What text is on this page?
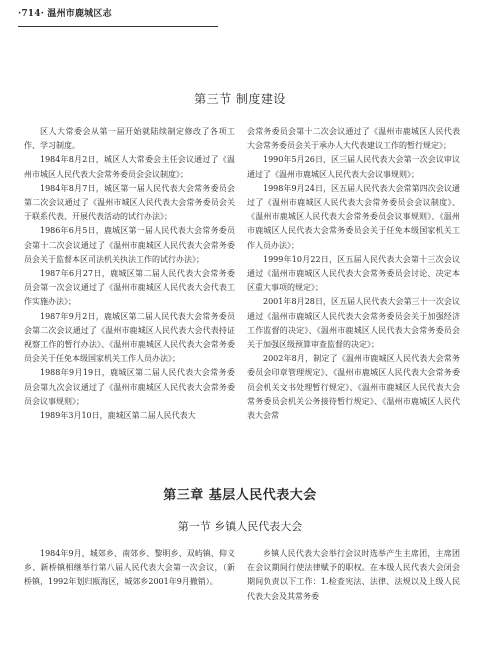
·714· 温州市鹿城区志
第三节 制度建设

区人大常委会从第一届开始就陆续制定修改了各项工作、学习制度。

1984年8月2日，城区人大常委会主任会议通过了《温州市城区人民代表大会常务委员会会议制度》；

1984年8月7日，城区第一届人民代表大会常务委员会第二次会议通过了《温州市城区人民代表大会常务委员会关于联系代表、开展代表活动的试行办法》；

1986年6月5日，鹿城区第一届人民代表大会常务委员会第十二次会议通过了《温州市鹿城区人民代表大会常务委员会关于监督本区司法机关执法工作的试行办法》；

1987年6月27日，鹿城区第二届人民代表大会常务委员会第一次会议通过了《温州市鹿城区人民代表大会代表工作实施办法》；

1987年9月2日，鹿城区第二届人民代表大会常务委员会第二次会议通过了《温州市鹿城区人民代表大会代表持证视察工作的暂行办法》、《温州市鹿城区人民代表大会常务委员会关于任免本级国家机关工作人员办法》；

1988年9月19日，鹿城区第二届人民代表大会常务委员会第九次会议通过了《温州市鹿城区人民代表大会常务委员会议事规则》；

1989年3月10日，鹿城区第二届人民代表大

会常务委员会第十二次会议通过了《温州市鹿城区人民代表大会常务委员会关于承办人大代表建议工作的暂行规定》；

1990年5月26日，区三届人民代表大会第一次会议审议通过了《温州市鹿城区人民代表大会议事规则》；

1998年9月24日，区五届人民代表大会常第四次会议通过了《温州市鹿城区人民代表大会常务委员会会议制度》、《温州市鹿城区人民代表大会常务委员会议事规则》、《温州市鹿城区人民代表大会常务委员会关于任免本级国家机关工作人员办法》；

1999年10月22日，区五届人民代表大会第十三次会议通过《温州市鹿城区人民代表大会常务委员会讨论、决定本区重大事项的规定》；

2001年8月28日，区五届人民代表大会第三十一次会议通过《温州市鹿城区人民代表大会常务委员会关于加强经济工作监督的决定》、《温州市鹿城区人民代表大会常务委员会关于加强区级预算审查监督的决定》；

2002年8月，制定了《温州市鹿城区人民代表大会常务委员会印章管理规定》、《温州市鹿城区人民代表大会常务委员会机关文书处理暂行规定》、《温州市鹿城区人民代表大会常务委员会机关公务接待暂行规定》、《温州市鹿城区人民代表大会常

第三章 基层人民代表大会
第一节 乡镇人民代表大会

1984年9月，城郊乡、南郊乡、黎明乡、双屿镇、仰义乡、新桥镇相继举行第八届人民代表大会第一次会议，（新桥镇，1992年划归瓯海区，城郊乡2001年9月撤销）。

乡镇人民代表大会举行会议时选举产生主席团，主席团在会议期间行使法律赋予的职权。在本级人民代表大会闭会期间负责以下工作：1.检查宪法、法律、法规以及上级人民代表大会及其常务委
